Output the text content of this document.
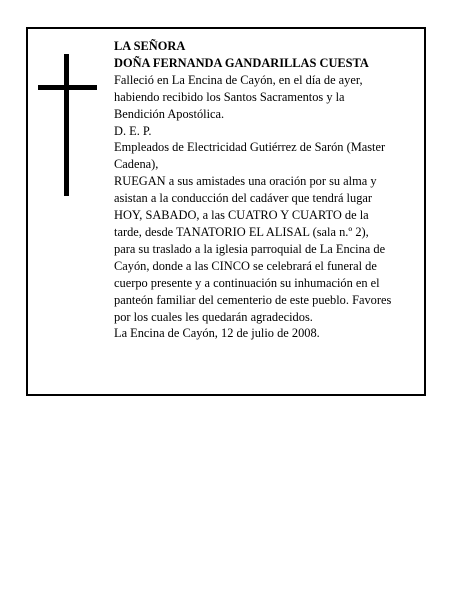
LA SEÑORA
DOÑA FERNANDA GANDARILLAS CUESTA
Falleció en La Encina de Cayón, en el día de ayer,
habiendo recibido los Santos Sacramentos y la
Bendición Apostólica.
D. E. P.
Empleados de Electricidad Gutiérrez de Sarón (Master
Cadena),
RUEGAN a sus amistades una oración por su alma y
asistan a la conducción del cadáver que tendrá lugar
HOY, SABADO, a las CUATRO Y CUARTO de la
tarde, desde TANATORIO EL ALISAL (sala n.º 2),
para su traslado a la iglesia parroquial de La Encina de
Cayón, donde a las CINCO se celebrará el funeral de
cuerpo presente y a continuación su inhumación en el
panteón familiar del cementerio de este pueblo. Favores
por los cuales les quedarán agradecidos.
La Encina de Cayón, 12 de julio de 2008.
